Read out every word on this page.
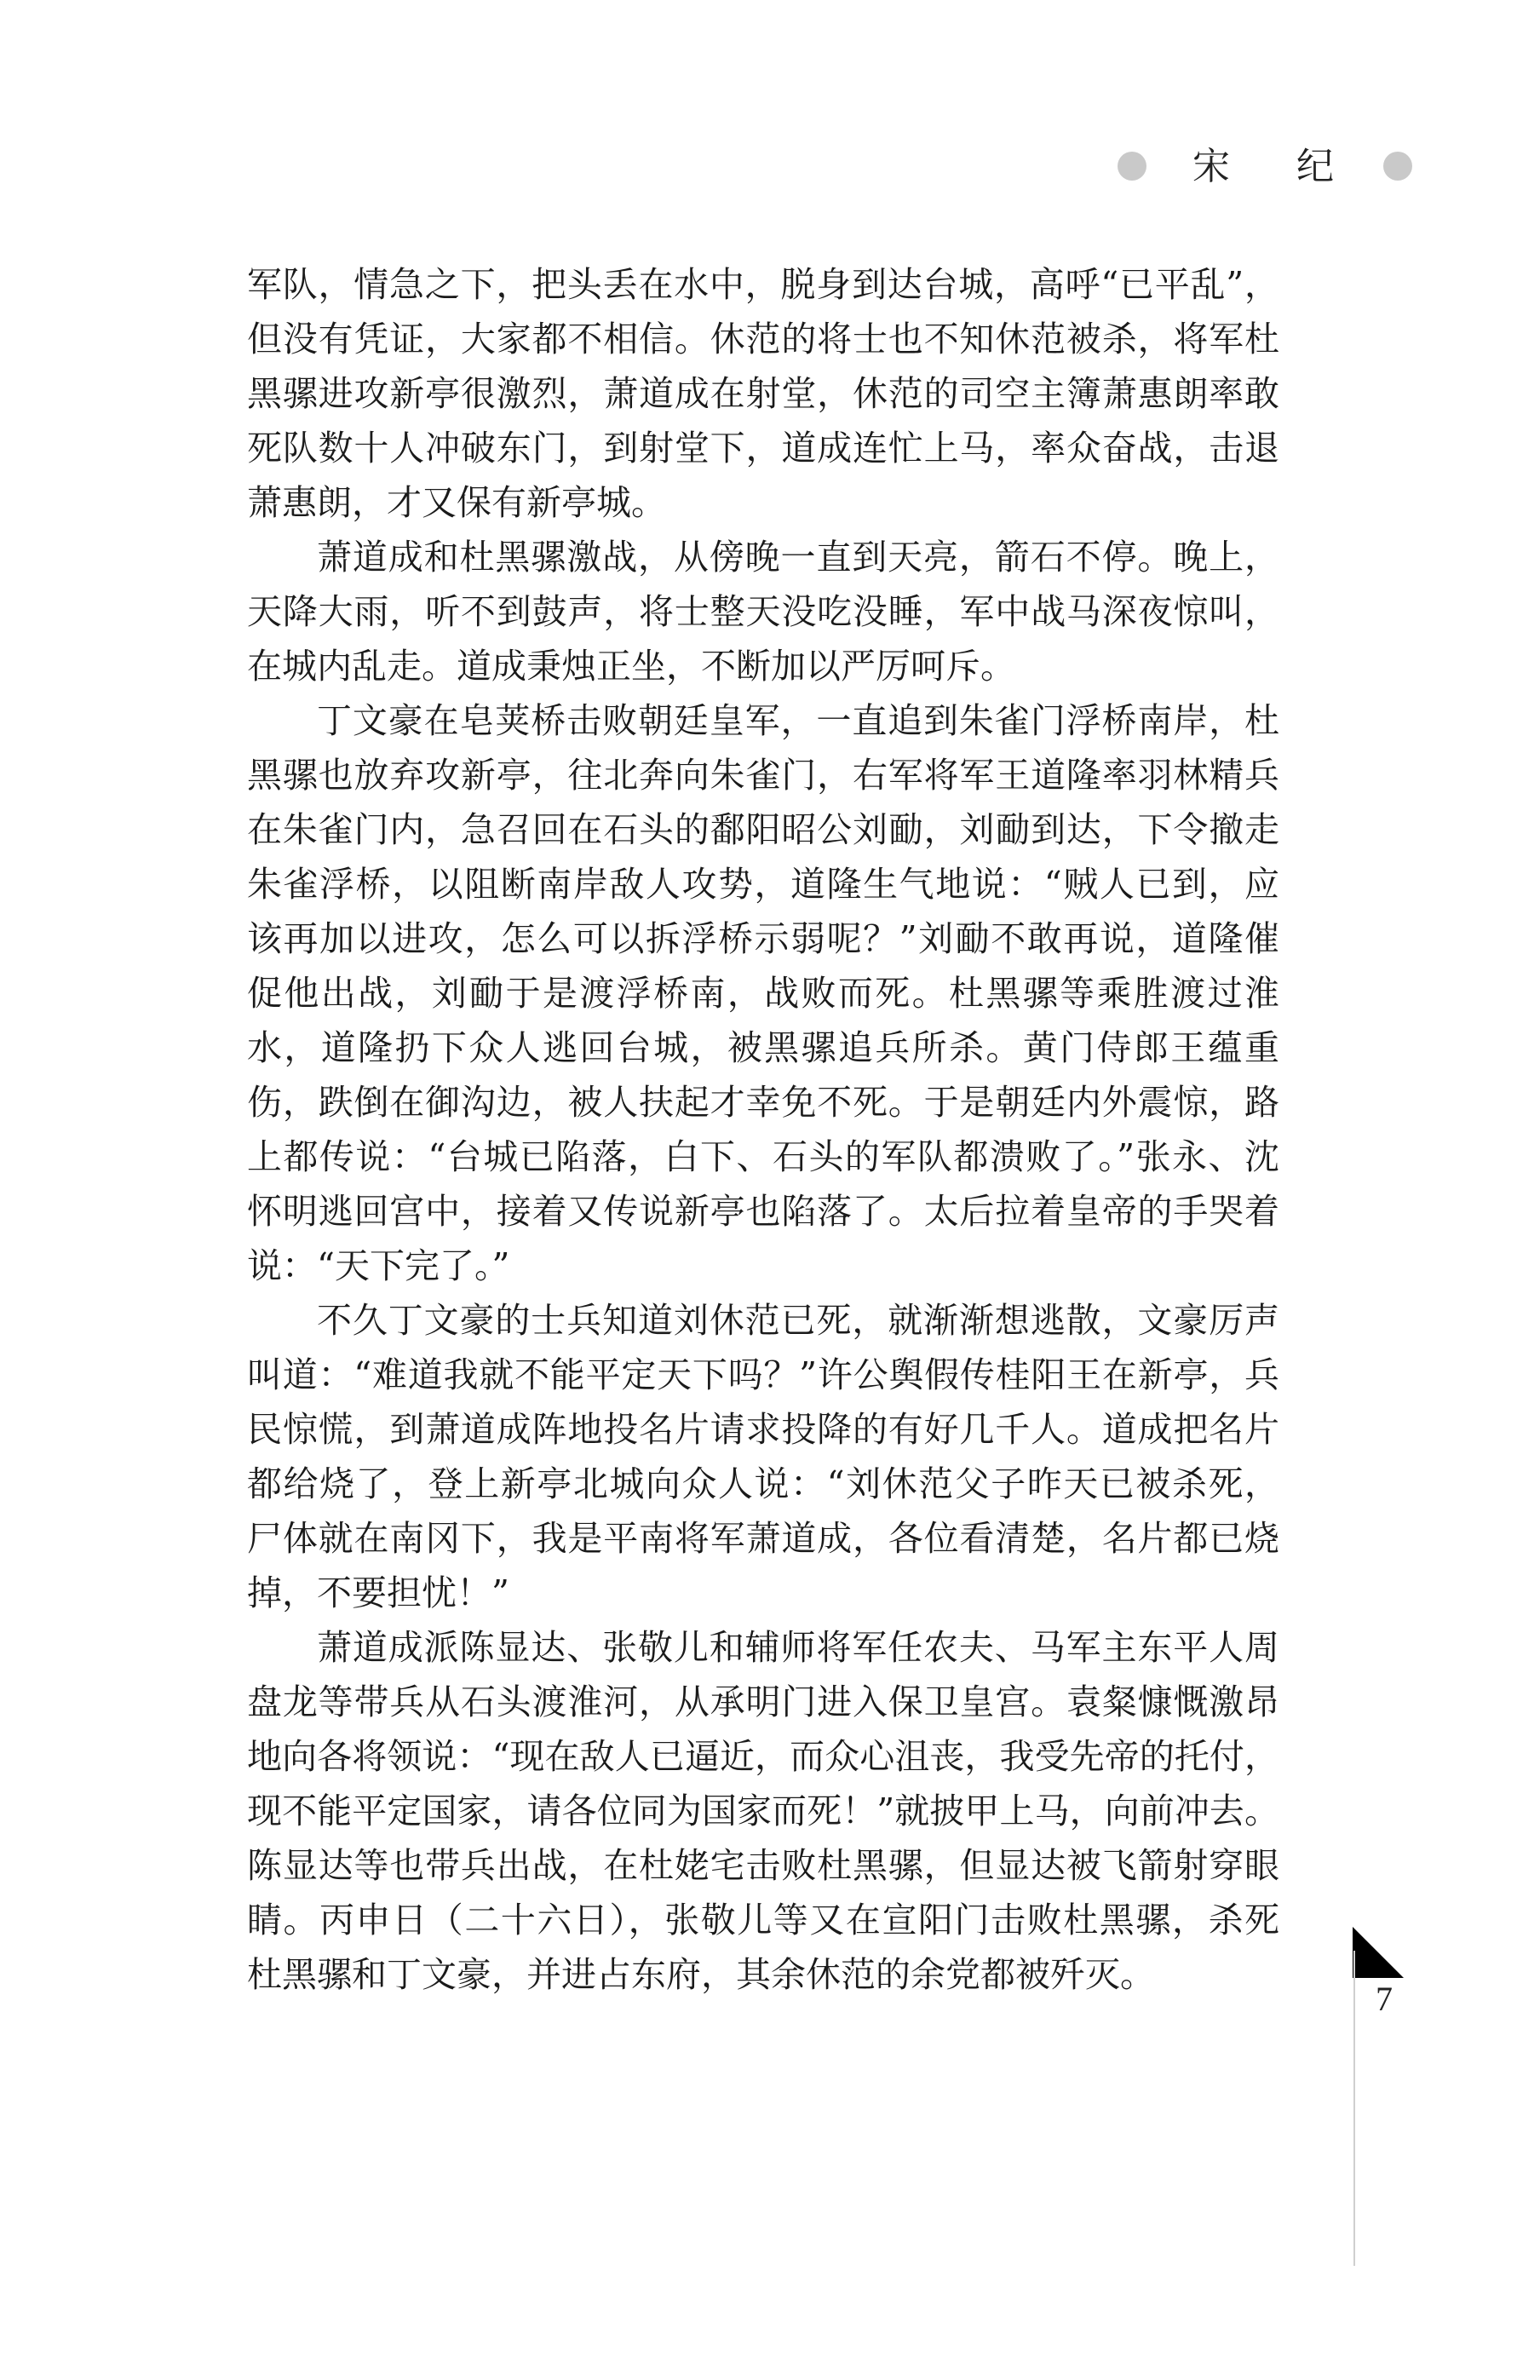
宋 纪
军队，情急之下，把头丢在水中，脱身到达台城，高呼“已平乱”，
但没有凭证，大家都不相信。休范的将士也不知休范被杀，将军杜
黑骡进攻新亭很激烈，萧道成在射堂，休范的司空主簿萧惠朗率敢
死队数十人冲破东门，到射堂下，道成连忙上马，率众奋战，击退
萧惠朗，才又保有新亭城。
萧道成和杜黑骡激战，从傍晚一直到天亮，箭石不停。晚上，
天降大雨，听不到鼓声，将士整天没吃没睡，军中战马深夜惊叫，
在城内乱走。道成秉烛正坐，不断加以严厉呵斥。
丁文豪在皂荚桥击败朝廷皇军，一直追到朱雀门浮桥南岸，杜
黑骡也放弃攻新亭，往北奔向朱雀门，右军将军王道隆率羽林精兵
在朱雀门内，急召回在石头的鄱阳昭公刘勔，刘勔到达，下令撤走
朱雀浮桥，以阻断南岸敌人攻势，道隆生气地说：“贼人已到，应
该再加以进攻，怎么可以拆浮桥示弱呢？”刘勔不敢再说，道隆催
促他出战，刘勔于是渡浮桥南，战败而死。杜黑骡等乘胜渡过淮
水，道隆扔下众人逃回台城，被黑骡追兵所杀。黄门侍郎王蕴重
伤，跌倒在御沟边，被人扶起才幸免不死。于是朝廷内外震惊，路
上都传说：“台城已陷落，白下、石头的军队都溃败了。”张永、沈
怀明逃回宫中，接着又传说新亭也陷落了。太后拉着皇帝的手哭着
说：“天下完了。”
不久丁文豪的士兵知道刘休范已死，就渐渐想逃散，文豪厉声
叫道：“难道我就不能平定天下吗？”许公舆假传桂阳王在新亭，兵
民惊慌，到萧道成阵地投名片请求投降的有好几千人。道成把名片
都给烧了，登上新亭北城向众人说：“刘休范父子昨天已被杀死，
尸体就在南冈下，我是平南将军萧道成，各位看清楚，名片都已烧
掉，不要担忧！”
萧道成派陈显达、张敬儿和辅师将军任农夫、马军主东平人周
盘龙等带兵从石头渡淮河，从承明门进入保卫皇宫。袁粲慷慨激昂
地向各将领说：“现在敌人已逼近，而众心沮丧，我受先帝的托付，
现不能平定国家，请各位同为国家而死！”就披甲上马，向前冲去。
陈显达等也带兵出战，在杜姥宅击败杜黑骡，但显达被飞箭射穿眼
睛。丙申日（二十六日），张敬儿等又在宣阳门击败杜黑骡，杀死
杜黑骡和丁文豪，并进占东府，其余休范的余党都被歼灭。
7
